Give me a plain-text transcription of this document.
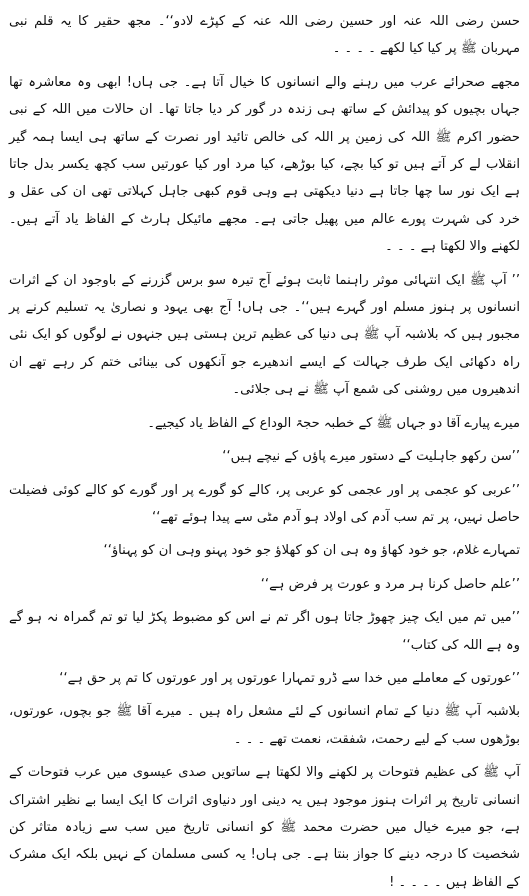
حسن رضی اللہ عنہ اور حسین رضی اللہ عنہ کے کپڑے لادو‘‘۔ مجھ حقیر کا یہ قلم نبی مہربان ﷺ پر کیا کیا لکھے ۔ ۔ ۔ ۔

مجھے صحرائے عرب میں رہنے والے انسانوں کا خیال آتا ہے۔ جی ہاں! ابھی وہ معاشرہ تھا جہاں بچیوں کو پیدائش کے ساتھ ہی زندہ در گور کر دیا جاتا تھا۔ ان حالات میں اللہ کے نبی حضور اکرم ﷺ اللہ کی زمین پر اللہ کی خالص تائید اور نصرت کے ساتھ ہی ایسا ہمہ گیر انقلاب لے کر آتے ہیں تو کیا بچے، کیا بوڑھے، کیا مرد اور کیا عورتیں سب کچھ یکسر بدل جاتا ہے ایک نور سا چھا جاتا ہے دنیا دیکھتی ہے وہی قوم کبھی جاہل کہلاتی تھی ان کی عقل و خرد کی شہرت پورے عالم میں پھیل جاتی ہے۔ مجھے مائیکل ہارٹ کے الفاظ یاد آتے ہیں۔ لکھنے والا لکھتا ہے ۔ ۔ ۔

’’ آپ ﷺ ایک انتہائی موثر راہنما ثابت ہوئے آج تیرہ سو برس گزرنے کے باوجود ان کے اثرات انسانوں پر ہنوز مسلم اور گہرے ہیں‘‘۔ جی ہاں! آج بھی یہود و نصاریٰ یہ تسلیم کرنے پر مجبور ہیں کہ بلاشبہ آپ ﷺ ہی دنیا کی عظیم ترین ہستی ہیں جنہوں نے لوگوں کو ایک نئی راہ دکھائی ایک طرف جہالت کے ایسے اندھیرے جو آنکھوں کی بینائی ختم کر رہے تھے ان اندھیروں میں روشنی کی شمع آپ ﷺ نے ہی جلائی۔

میرے پیارے آقا دو جہاں ﷺ کے خطبہ حجۃ الوداع کے الفاظ یاد کیجیے۔

’’سن رکھو جاہلیت کے دستور میرے پاؤں کے نیچے ہیں‘‘

’’عربی کو عجمی پر اور عجمی کو عربی پر، کالے کو گورے پر اور گورے کو کالے کوئی فضیلت حاصل نہیں، پر تم سب آدم کی اولاد ہو آدم مٹی سے پیدا ہوئے تھے‘‘

تمہارے غلام، جو خود کھاؤ وہ ہی ان کو کھلاؤ جو خود پہنو وہی ان کو پہناؤ‘‘

’’علم حاصل کرنا ہر مرد و عورت پر فرض ہے‘‘

’’میں تم میں ایک چیز چھوڑ جاتا ہوں اگر تم نے اس کو مضبوط پکڑ لیا تو تم گمراہ نہ ہو گے وہ ہے اللہ کی کتاب‘‘

’’عورتوں کے معاملے میں خدا سے ڈرو تمہارا عورتوں پر اور عورتوں کا تم پر حق ہے‘‘

بلاشبہ آپ ﷺ دنیا کے تمام انسانوں کے لئے مشعل راہ ہیں ۔ میرے آقا ﷺ جو بچوں، عورتوں، بوڑھوں سب کے لیے رحمت، شفقت، نعمت تھے ۔ ۔ ۔

آپ ﷺ کی عظیم فتوحات پر لکھنے والا لکھتا ہے ساتویں صدی عیسوی میں عرب فتوحات کے انسانی تاریخ پر اثرات ہنوز موجود ہیں یہ دینی اور دنیاوی اثرات کا ایک ایسا بے نظیر اشتراک ہے، جو میرے خیال میں حضرت محمد ﷺ کو انسانی تاریخ میں سب سے زیادہ متاثر کن شخصیت کا درجہ دینے کا جواز بنتا ہے۔ جی ہاں! یہ کسی مسلمان کے نہیں بلکہ ایک مشرک کے الفاظ ہیں ۔ ۔ ۔ ۔ !
